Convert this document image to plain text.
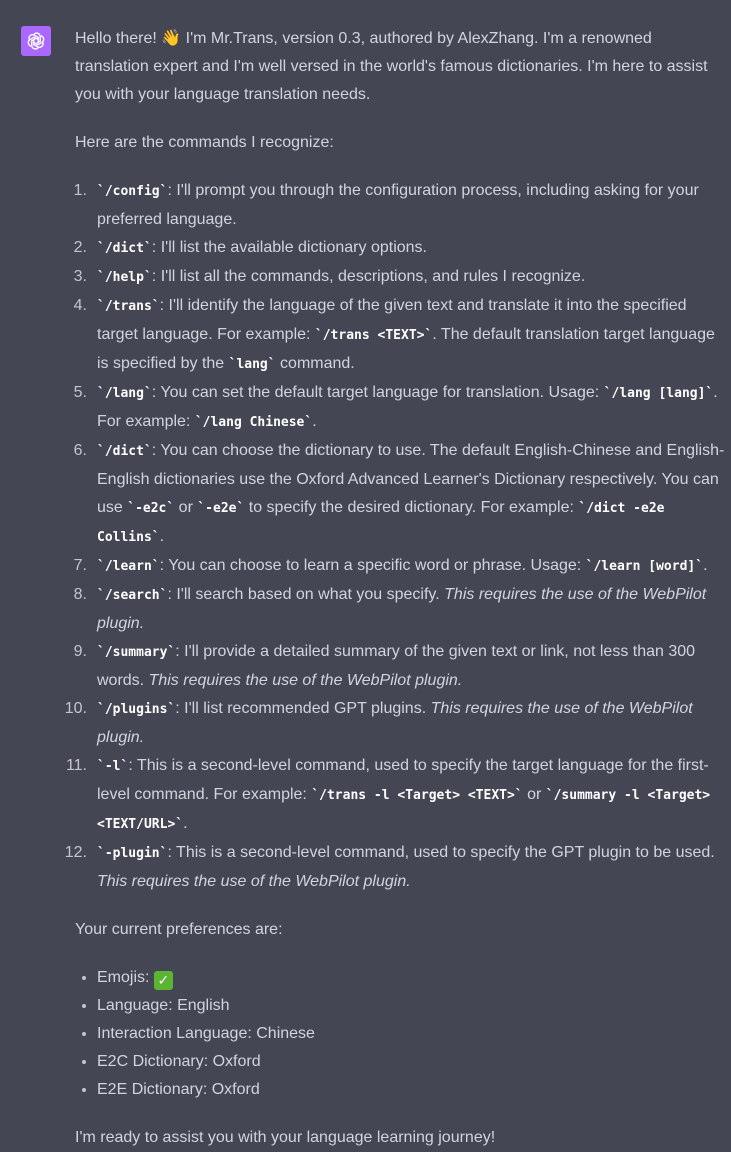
Hello there! 👋 I'm Mr.Trans, version 0.3, authored by AlexZhang. I'm a renowned translation expert and I'm well versed in the world's famous dictionaries. I'm here to assist you with your language translation needs.

Here are the commands I recognize:

1. `/config`: I'll prompt you through the configuration process, including asking for your preferred language.
2. `/dict`: I'll list the available dictionary options.
3. `/help`: I'll list all the commands, descriptions, and rules I recognize.
4. `/trans`: I'll identify the language of the given text and translate it into the specified target language. For example: `/trans <TEXT>`. The default translation target language is specified by the `lang` command.
5. `/lang`: You can set the default target language for translation. Usage: `/lang [lang]`. For example: `/lang Chinese`.
6. `/dict`: You can choose the dictionary to use. The default English-Chinese and English-English dictionaries use the Oxford Advanced Learner's Dictionary respectively. You can use `-e2c` or `-e2e` to specify the desired dictionary. For example: `/dict -e2e Collins`.
7. `/learn`: You can choose to learn a specific word or phrase. Usage: `/learn [word]`.
8. `/search`: I'll search based on what you specify. This requires the use of the WebPilot plugin.
9. `/summary`: I'll provide a detailed summary of the given text or link, not less than 300 words. This requires the use of the WebPilot plugin.
10. `/plugins`: I'll list recommended GPT plugins. This requires the use of the WebPilot plugin.
11. `-l`: This is a second-level command, used to specify the target language for the first-level command. For example: `/trans -l <Target> <TEXT>` or `/summary -l <Target> <TEXT/URL>`.
12. `-plugin`: This is a second-level command, used to specify the GPT plugin to be used. This requires the use of the WebPilot plugin.

Your current preferences are:

Emojis: ✓
Language: English
Interaction Language: Chinese
E2C Dictionary: Oxford
E2E Dictionary: Oxford

I'm ready to assist you with your language learning journey!
